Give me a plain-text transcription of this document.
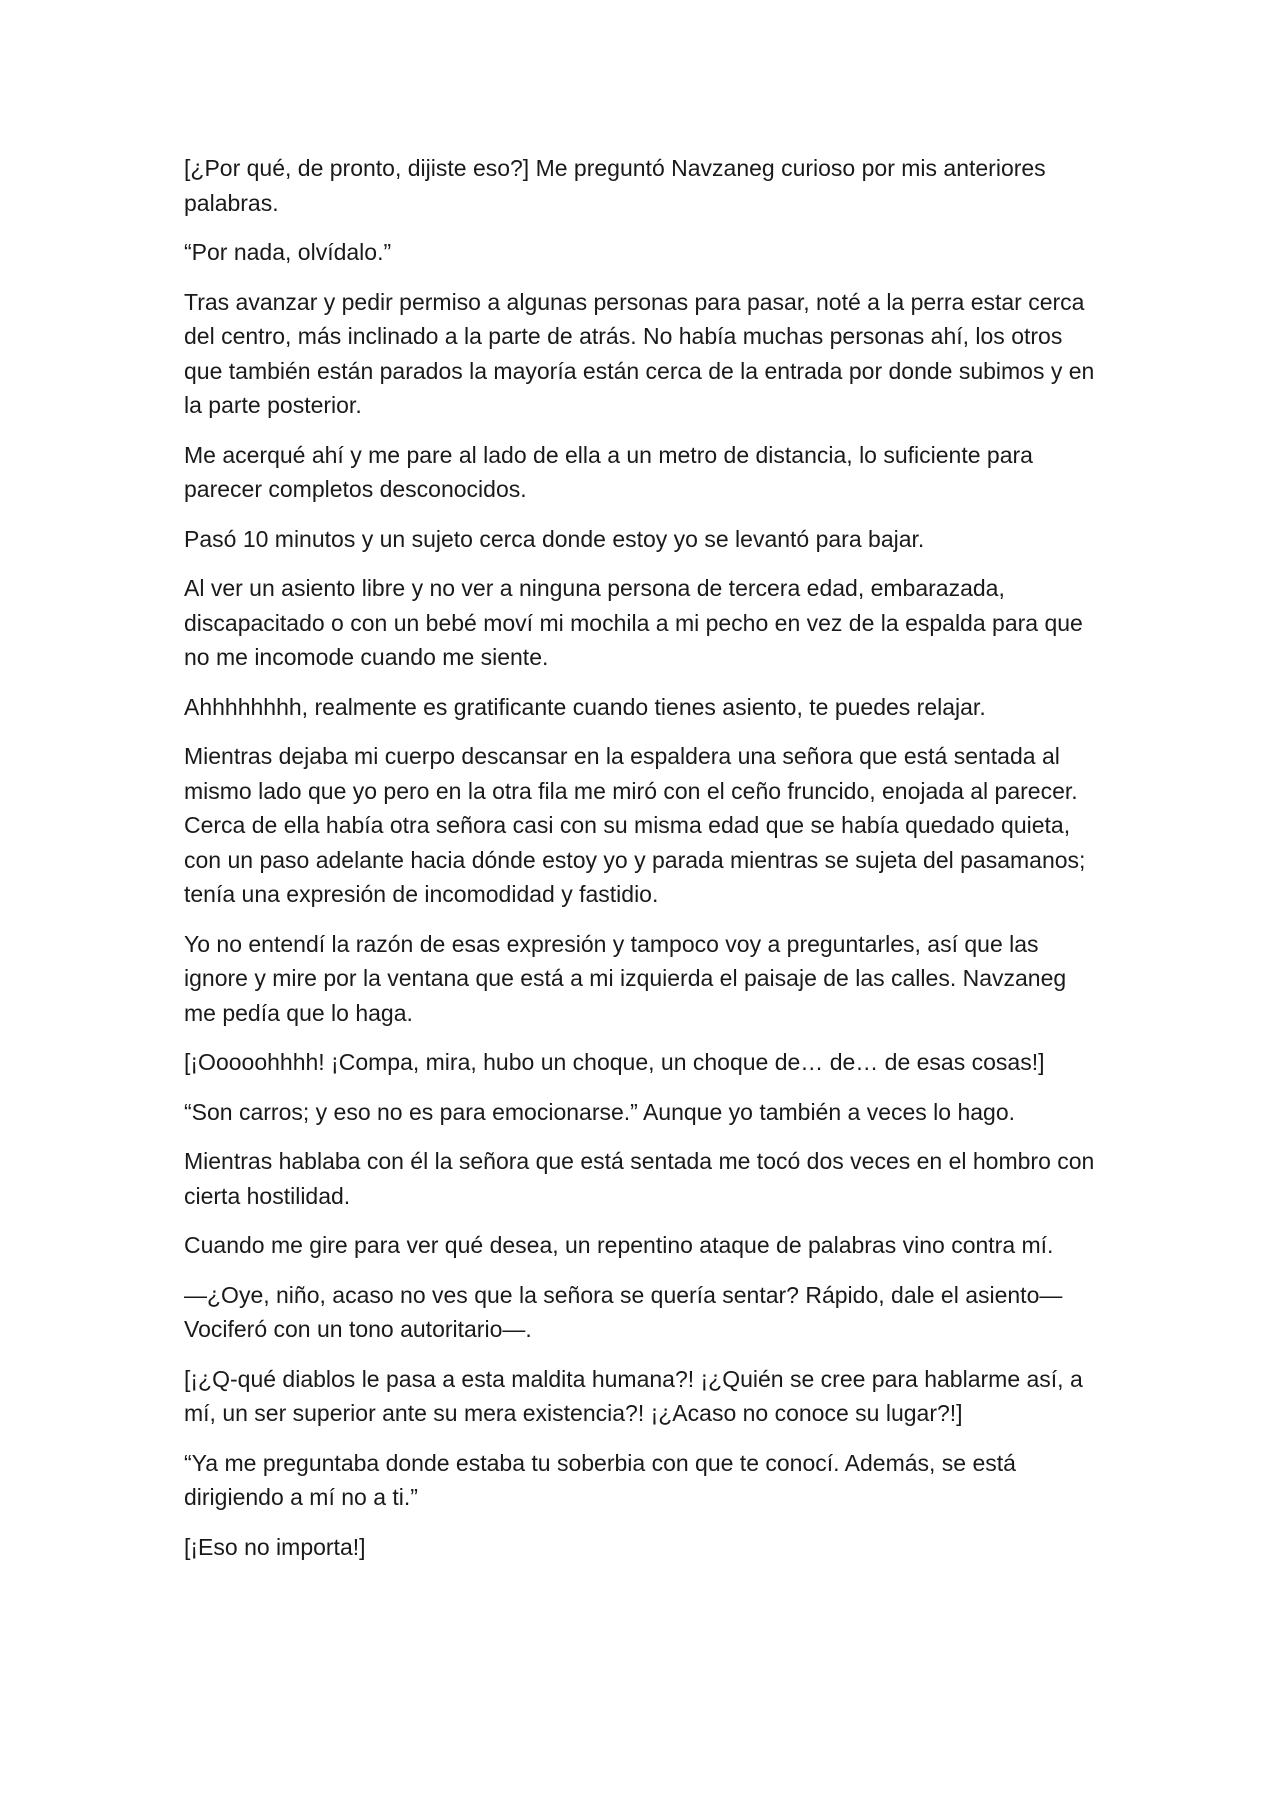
[¿Por qué, de pronto, dijiste eso?] Me preguntó Navzaneg curioso por mis anteriores palabras.

“Por nada, olvídalo.”

Tras avanzar y pedir permiso a algunas personas para pasar, noté a la perra estar cerca del centro, más inclinado a la parte de atrás. No había muchas personas ahí, los otros que también están parados la mayoría están cerca de la entrada por donde subimos y en la parte posterior.

Me acerqué ahí y me pare al lado de ella a un metro de distancia, lo suficiente para parecer completos desconocidos.

Pasó 10 minutos y un sujeto cerca donde estoy yo se levantó para bajar.

Al ver un asiento libre y no ver a ninguna persona de tercera edad, embarazada, discapacitado o con un bebé moví mi mochila a mi pecho en vez de la espalda para que no me incomode cuando me siente.

Ahhhhhhhh, realmente es gratificante cuando tienes asiento, te puedes relajar.

Mientras dejaba mi cuerpo descansar en la espaldera una señora que está sentada al mismo lado que yo pero en la otra fila me miró con el ceño fruncido, enojada al parecer. Cerca de ella había otra señora casi con su misma edad que se había quedado quieta, con un paso adelante hacia dónde estoy yo y parada mientras se sujeta del pasamanos; tenía una expresión de incomodidad y fastidio.

Yo no entendí la razón de esas expresión y tampoco voy a preguntarles, así que las ignore y mire por la ventana que está a mi izquierda el paisaje de las calles. Navzaneg me pedía que lo haga.

[¡Ooooohhhh! ¡Compa, mira, hubo un choque, un choque de… de… de esas cosas!]

“Son carros; y eso no es para emocionarse.” Aunque yo también a veces lo hago.

Mientras hablaba con él la señora que está sentada me tocó dos veces en el hombro con cierta hostilidad.

Cuando me gire para ver qué desea, un repentino ataque de palabras vino contra mí.

—¿Oye, niño, acaso no ves que la señora se quería sentar? Rápido, dale el asiento— Vociferó con un tono autoritario—.

[¡¿Q-qué diablos le pasa a esta maldita humana?! ¡¿Quién se cree para hablarme así, a mí, un ser superior ante su mera existencia?! ¡¿Acaso no conoce su lugar?!]

“Ya me preguntaba donde estaba tu soberbia con que te conocí. Además, se está dirigiendo a mí no a ti.”

[¡Eso no importa!]
